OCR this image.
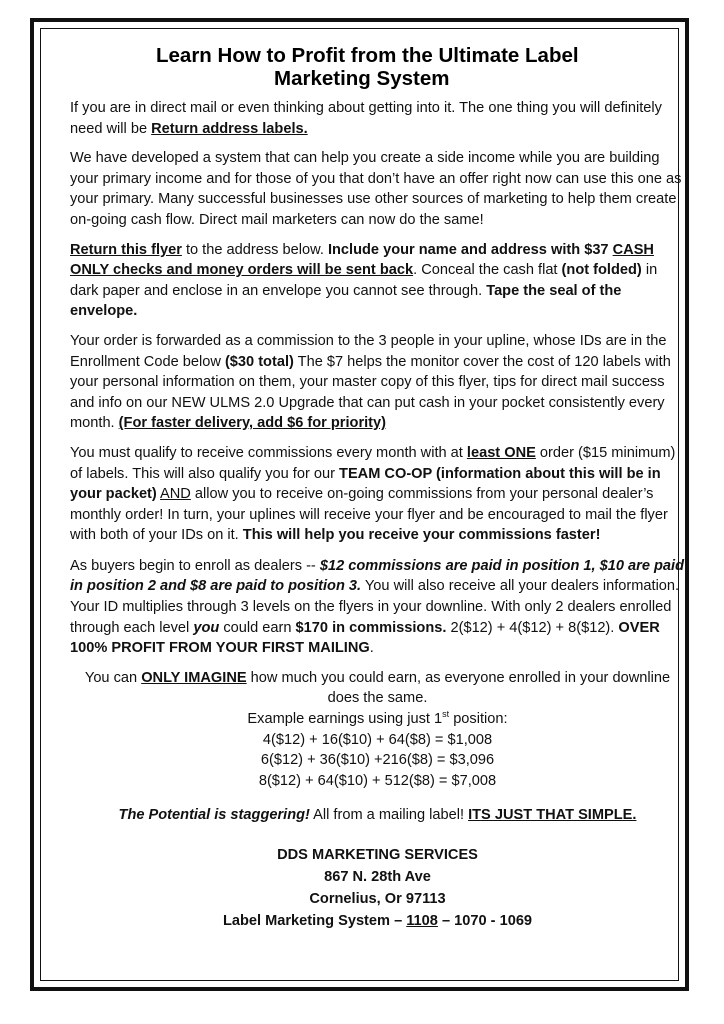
Learn How to Profit from the Ultimate Label
Marketing System

If you are in direct mail or even thinking about getting into it. The one thing you will definitely need will be Return address labels.

We have developed a system that can help you create a side income while you are building your primary income and for those of you that don’t have an offer right now can use this one as your primary. Many successful businesses use other sources of marketing to help them create on-going cash flow. Direct mail marketers can now do the same!

Return this flyer to the address below. Include your name and address with $37 CASH ONLY checks and money orders will be sent back. Conceal the cash flat (not folded) in dark paper and enclose in an envelope you cannot see through. Tape the seal of the envelope.

Your order is forwarded as a commission to the 3 people in your upline, whose IDs are in the Enrollment Code below ($30 total) The $7 helps the monitor cover the cost of 120 labels with your personal information on them, your master copy of this flyer, tips for direct mail success and info on our NEW ULMS 2.0 Upgrade that can put cash in your pocket consistently every month. (For faster delivery, add $6 for priority)

You must qualify to receive commissions every month with at least ONE order ($15 minimum) of labels. This will also qualify you for our TEAM CO-OP (information about this will be in your packet) AND allow you to receive on-going commissions from your personal dealer’s monthly order! In turn, your uplines will receive your flyer and be encouraged to mail the flyer with both of your IDs on it. This will help you receive your commissions faster!

As buyers begin to enroll as dealers -- $12 commissions are paid in position 1, $10 are paid in position 2 and $8 are paid to position 3. You will also receive all your dealers information. Your ID multiplies through 3 levels on the flyers in your downline. With only 2 dealers enrolled through each level you could earn $170 in commissions. 2($12) + 4($12) + 8($12). OVER 100% PROFIT FROM YOUR FIRST MAILING.

You can ONLY IMAGINE how much you could earn, as everyone enrolled in your downline does the same.

Example earnings using just 1st position:

4($12) + 16($10) + 64($8) = $1,008

6($12) + 36($10) +216($8) = $3,096

8($12) + 64($10) + 512($8) = $7,008

The Potential is staggering! All from a mailing label! ITS JUST THAT SIMPLE.

DDS MARKETING SERVICES

867 N. 28th Ave

Cornelius, Or 97113

Label Marketing System – 1108 – 1070 - 1069
